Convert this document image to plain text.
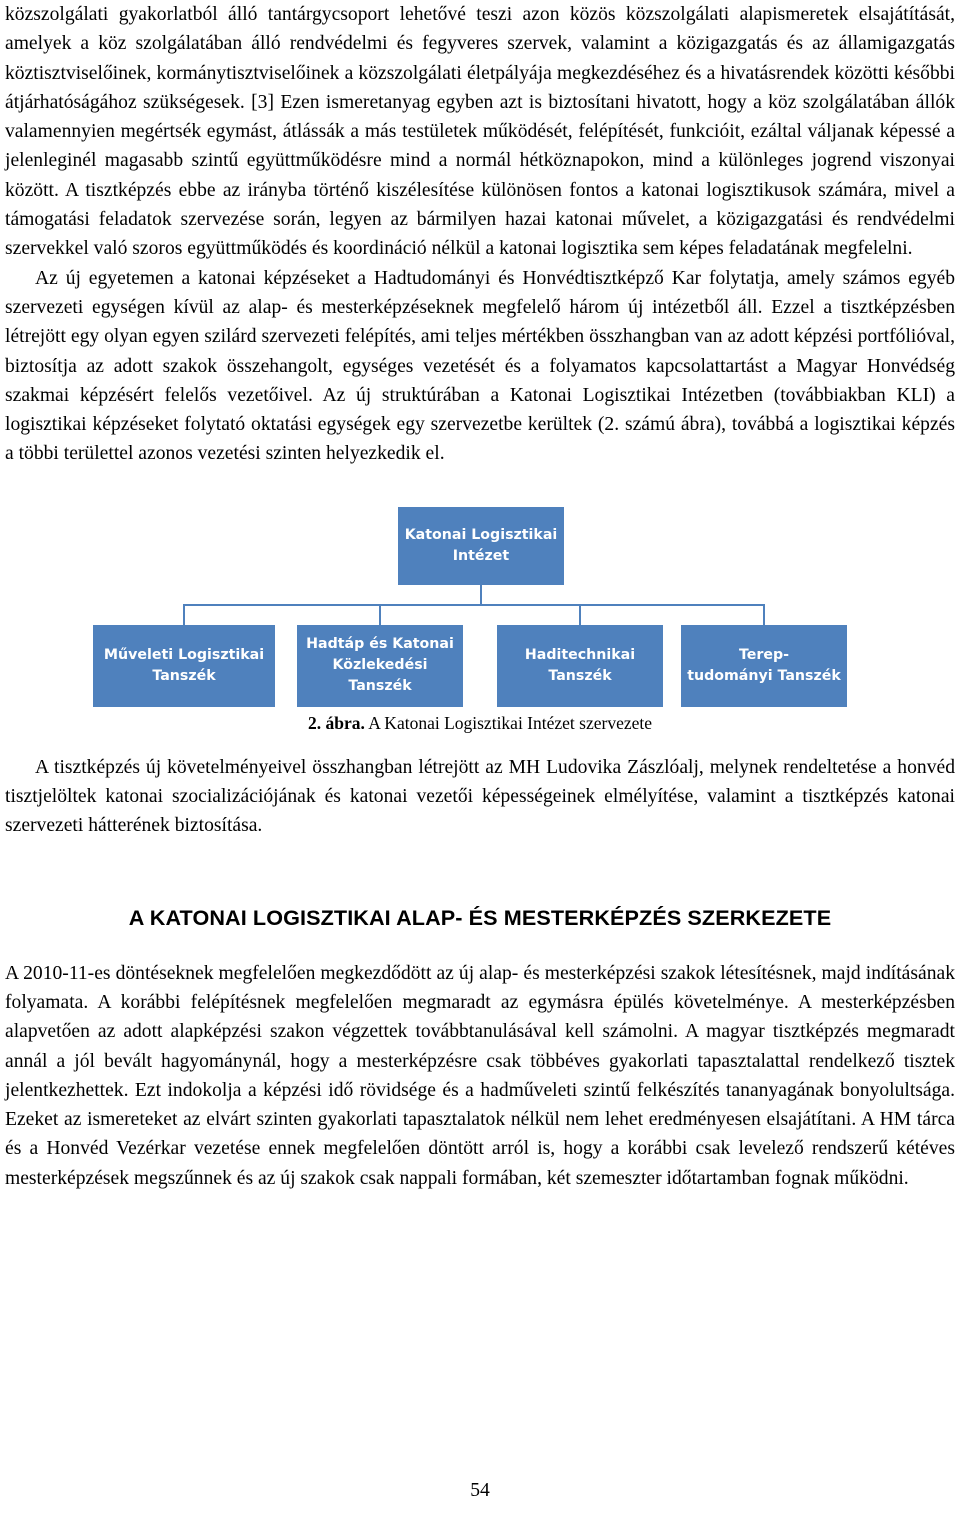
közszolgálati gyakorlatból álló tantárgycsoport lehetővé teszi azon közös közszolgálati alapismeretek elsajátítását, amelyek a köz szolgálatában álló rendvédelmi és fegyveres szervek, valamint a közigazgatás és az államigazgatás köztisztviselőinek, kormánytisztviselőinek a közszolgálati életpályája megkezdéséhez és a hivatásrendek közötti későbbi átjárhatóságához szükségesek. [3] Ezen ismeretanyag egyben azt is biztosítani hivatott, hogy a köz szolgálatában állók valamennyien megértsék egymást, átlássák a más testületek működését, felépítését, funkcióit, ezáltal váljanak képessé a jelenleginél magasabb szintű együttműködésre mind a normál hétköznapokon, mind a különleges jogrend viszonyai között. A tisztképzés ebbe az irányba történő kiszélesítése különösen fontos a katonai logisztikusok számára, mivel a támogatási feladatok szervezése során, legyen az bármilyen hazai katonai művelet, a közigazgatási és rendvédelmi szervekkel való szoros együttműködés és koordináció nélkül a katonai logisztika sem képes feladatának megfelelni.

Az új egyetemen a katonai képzéseket a Hadtudományi és Honvédtisztképző Kar folytatja, amely számos egyéb szervezeti egységen kívül az alap- és mesterképzéseknek megfelelő három új intézetből áll. Ezzel a tisztképzésben létrejött egy olyan egyen szilárd szervezeti felépítés, ami teljes mértékben összhangban van az adott képzési portfólióval, biztosítja az adott szakok összehangolt, egységes vezetését és a folyamatos kapcsolattartást a Magyar Honvédség szakmai képzésért felelős vezetőivel. Az új struktúrában a Katonai Logisztikai Intézetben (továbbiakban KLI) a logisztikai képzéseket folytató oktatási egységek egy szervezetbe kerültek (2. számú ábra), továbbá a logisztikai képzés a többi területtel azonos vezetési szinten helyezkedik el.

Katonai Logisztikai
Intézet
Műveleti Logisztikai
Tanszék
Hadtáp és Katonai
Közlekedési Tanszék
Haditechnikai
Tanszék
Terep-
tudományi Tanszék

2. ábra. A Katonai Logisztikai Intézet szervezete

A tisztképzés új követelményeivel összhangban létrejött az MH Ludovika Zászlóalj, melynek rendeltetése a honvéd tisztjelöltek katonai szocializációjának és katonai vezetői képességeinek elmélyítése, valamint a tisztképzés katonai szervezeti hátterének biztosítása.

A KATONAI LOGISZTIKAI ALAP- ÉS MESTERKÉPZÉS SZERKEZETE

A 2010-11-es döntéseknek megfelelően megkezdődött az új alap- és mesterképzési szakok létesítésnek, majd indításának folyamata. A korábbi felépítésnek megfelelően megmaradt az egymásra épülés követelménye. A mesterképzésben alapvetően az adott alapképzési szakon végzettek továbbtanulásával kell számolni. A magyar tisztképzés megmaradt annál a jól bevált hagyománynál, hogy a mesterképzésre csak többéves gyakorlati tapasztalattal rendelkező tisztek jelentkezhettek. Ezt indokolja a képzési idő rövidsége és a hadműveleti szintű felkészítés tananyagának bonyolultsága. Ezeket az ismereteket az elvárt szinten gyakorlati tapasztalatok nélkül nem lehet eredményesen elsajátítani. A HM tárca és a Honvéd Vezérkar vezetése ennek megfelelően döntött arról is, hogy a korábbi csak levelező rendszerű kétéves mesterképzések megszűnnek és az új szakok csak nappali formában, két szemeszter időtartamban fognak működni.

54
